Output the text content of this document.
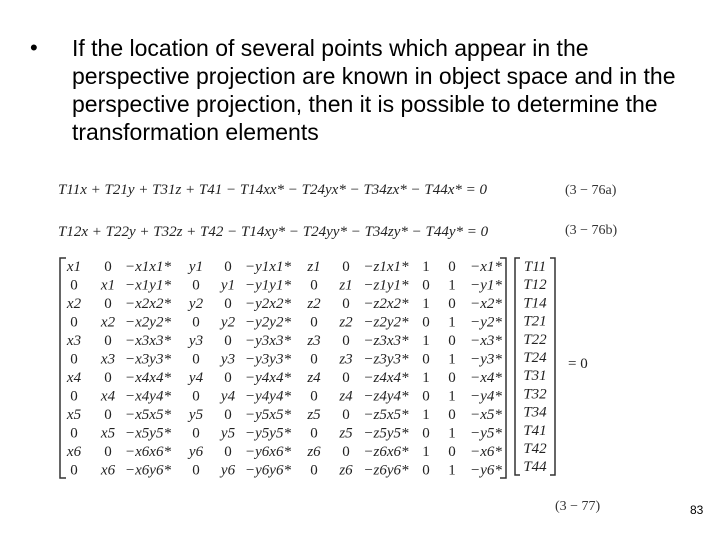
• If the location of several points which appear in the perspective projection are known in object space and in the perspective projection, then it is possible to determine the transformation elements
T11x + T21y + T31z + T41 − T14xx* − T24yx* − T34zx* − T44x* = 0	(3 − 76a)
T12x + T22y + T32z + T42 − T14xy* − T24yy* − T34zy* − T44y* = 0	(3 − 76b)
x1 0 −x1x1* y1 0 −y1x1* z1 0 −z1x1* 1 0 −x1*
0 x1 −x1y1* 0 y1 −y1y1* 0 z1 −z1y1* 0 1 −y1*
x2 0 −x2x2* y2 0 −y2x2* z2 0 −z2x2* 1 0 −x2*
0 x2 −x2y2* 0 y2 −y2y2* 0 z2 −z2y2* 0 1 −y2*
x3 0 −x3x3* y3 0 −y3x3* z3 0 −z3x3* 1 0 −x3*
0 x3 −x3y3* 0 y3 −y3y3* 0 z3 −z3y3* 0 1 −y3*
x4 0 −x4x4* y4 0 −y4x4* z4 0 −z4x4* 1 0 −x4*
0 x4 −x4y4* 0 y4 −y4y4* 0 z4 −z4y4* 0 1 −y4*
x5 0 −x5x5* y5 0 −y5x5* z5 0 −z5x5* 1 0 −x5*
0 x5 −x5y5* 0 y5 −y5y5* 0 z5 −z5y5* 0 1 −y5*
x6 0 −x6x6* y6 0 −y6x6* z6 0 −z6x6* 1 0 −x6*
0 x6 −x6y6* 0 y6 −y6y6* 0 z6 −z6y6* 0 1 −y6*
T11
T12
T14
T21
T22
T24
T31
T32
T34
T41
T42
T44
= 0
(3 − 77)	83
